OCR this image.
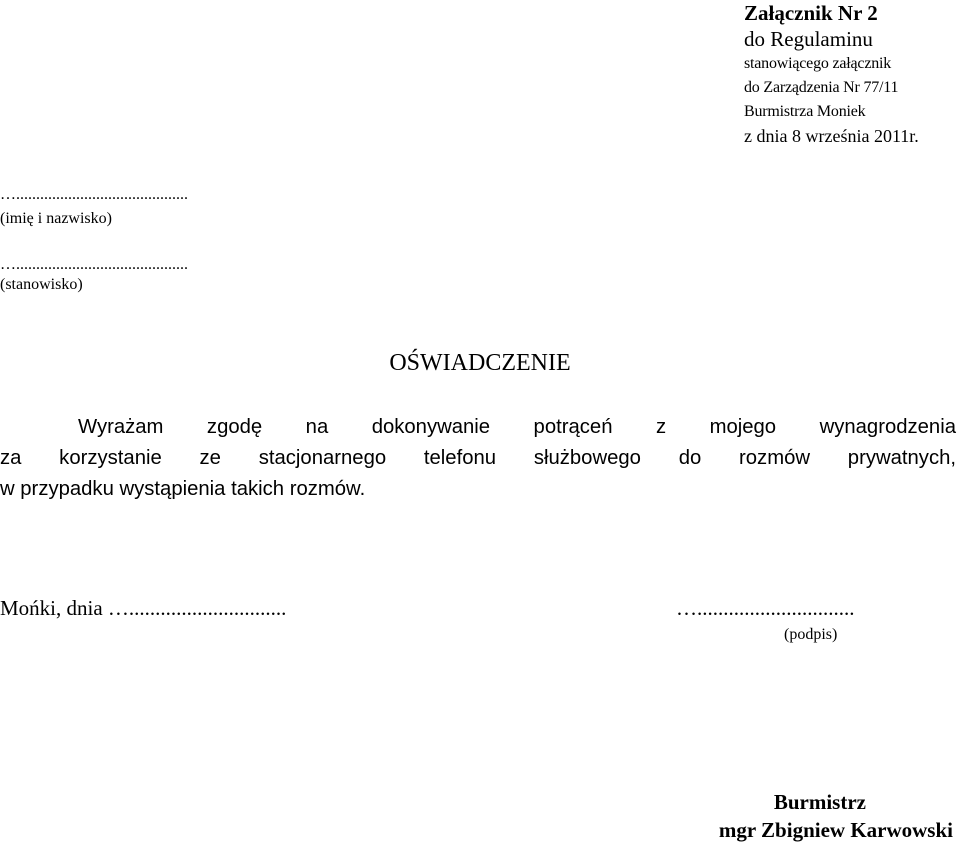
Załącznik Nr 2
do Regulaminu
stanowiącego załącznik
do Zarządzenia Nr 77/11
Burmistrza Moniek
z dnia 8 września 2011r.
…...........................................
(imię i nazwisko)
…...........................................
(stanowisko)
OŚWIADCZENIE
Wyrażam zgodę na dokonywanie potrąceń z mojego wynagrodzenia
za korzystanie ze stacjonarnego telefonu służbowego do rozmów prywatnych,
w przypadku wystąpienia takich rozmów.
Mońki, dnia …..............................	…..............................
(podpis)
Burmistrz
mgr Zbigniew Karwowski
